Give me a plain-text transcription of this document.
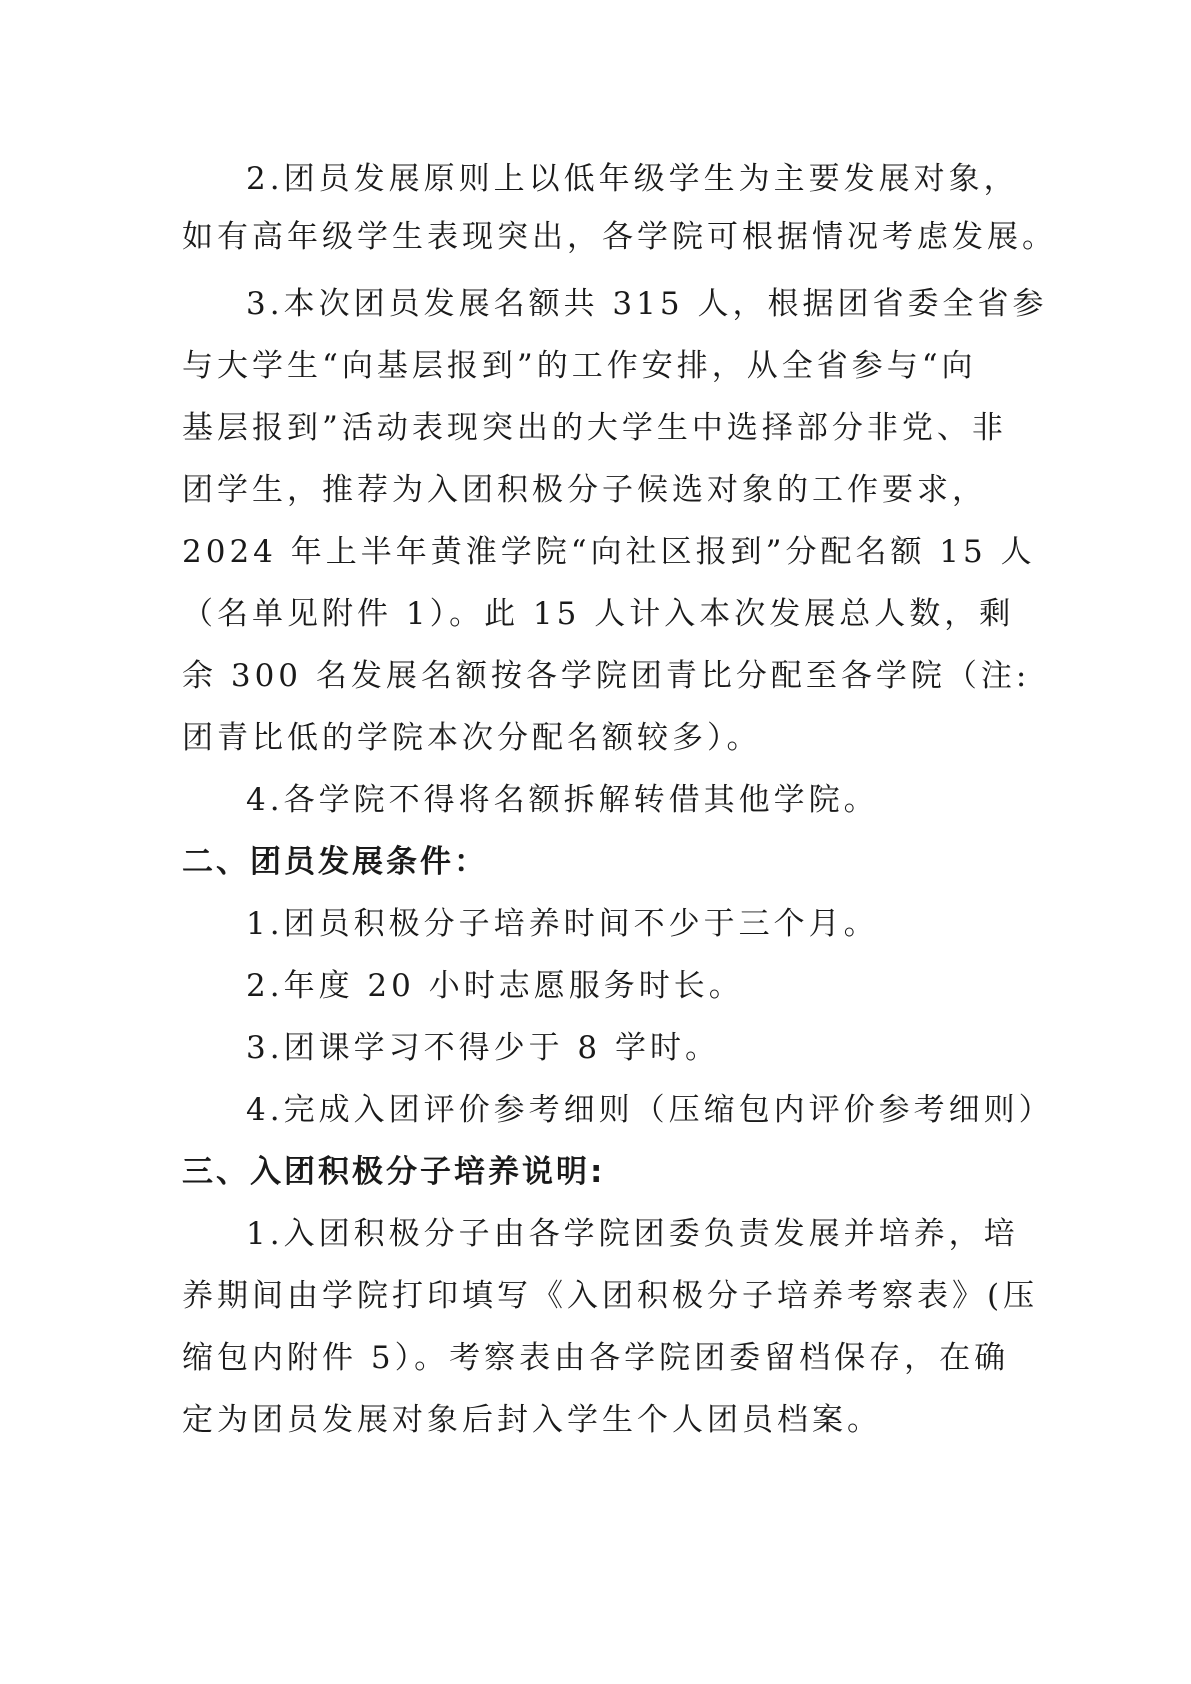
2.团员发展原则上以低年级学生为主要发展对象，
如有高年级学生表现突出，各学院可根据情况考虑发展。
3.本次团员发展名额共 315 人，根据团省委全省参
与大学生“向基层报到”的工作安排，从全省参与“向
基层报到”活动表现突出的大学生中选择部分非党、非
团学生，推荐为入团积极分子候选对象的工作要求，
2024 年上半年黄淮学院“向社区报到”分配名额 15 人
（名单见附件 1）。此 15 人计入本次发展总人数，剩
余 300 名发展名额按各学院团青比分配至各学院（注:
团青比低的学院本次分配名额较多）。
4.各学院不得将名额拆解转借其他学院。
二、团员发展条件：
1.团员积极分子培养时间不少于三个月。
2.年度 20 小时志愿服务时长。
3.团课学习不得少于 8 学时。
4.完成入团评价参考细则（压缩包内评价参考细则）
三、入团积极分子培养说明:
1.入团积极分子由各学院团委负责发展并培养，培
养期间由学院打印填写《入团积极分子培养考察表》(压
缩包内附件 5）。考察表由各学院团委留档保存，在确
定为团员发展对象后封入学生个人团员档案。
